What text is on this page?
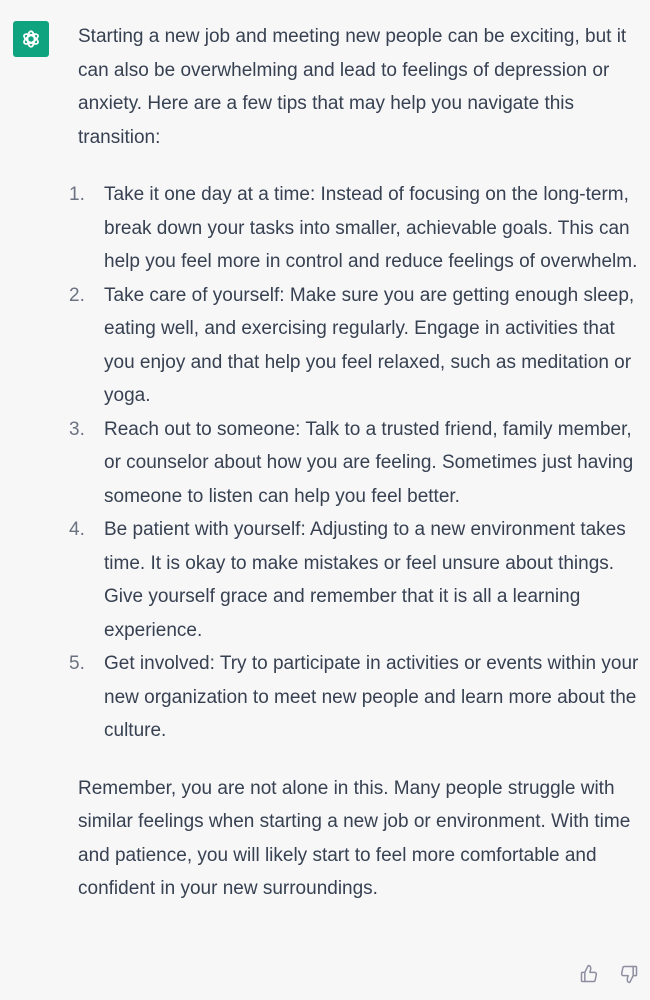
Starting a new job and meeting new people can be exciting, but it can also be overwhelming and lead to feelings of depression or anxiety. Here are a few tips that may help you navigate this transition:

1.	Take it one day at a time: Instead of focusing on the long-term, break down your tasks into smaller, achievable goals. This can help you feel more in control and reduce feelings of overwhelm.
2.	Take care of yourself: Make sure you are getting enough sleep, eating well, and exercising regularly. Engage in activities that you enjoy and that help you feel relaxed, such as meditation or yoga.
3.	Reach out to someone: Talk to a trusted friend, family member, or counselor about how you are feeling. Sometimes just having someone to listen can help you feel better.
4.	Be patient with yourself: Adjusting to a new environment takes time. It is okay to make mistakes or feel unsure about things. Give yourself grace and remember that it is all a learning experience.
5.	Get involved: Try to participate in activities or events within your new organization to meet new people and learn more about the culture.

Remember, you are not alone in this. Many people struggle with similar feelings when starting a new job or environment. With time and patience, you will likely start to feel more comfortable and confident in your new surroundings.
